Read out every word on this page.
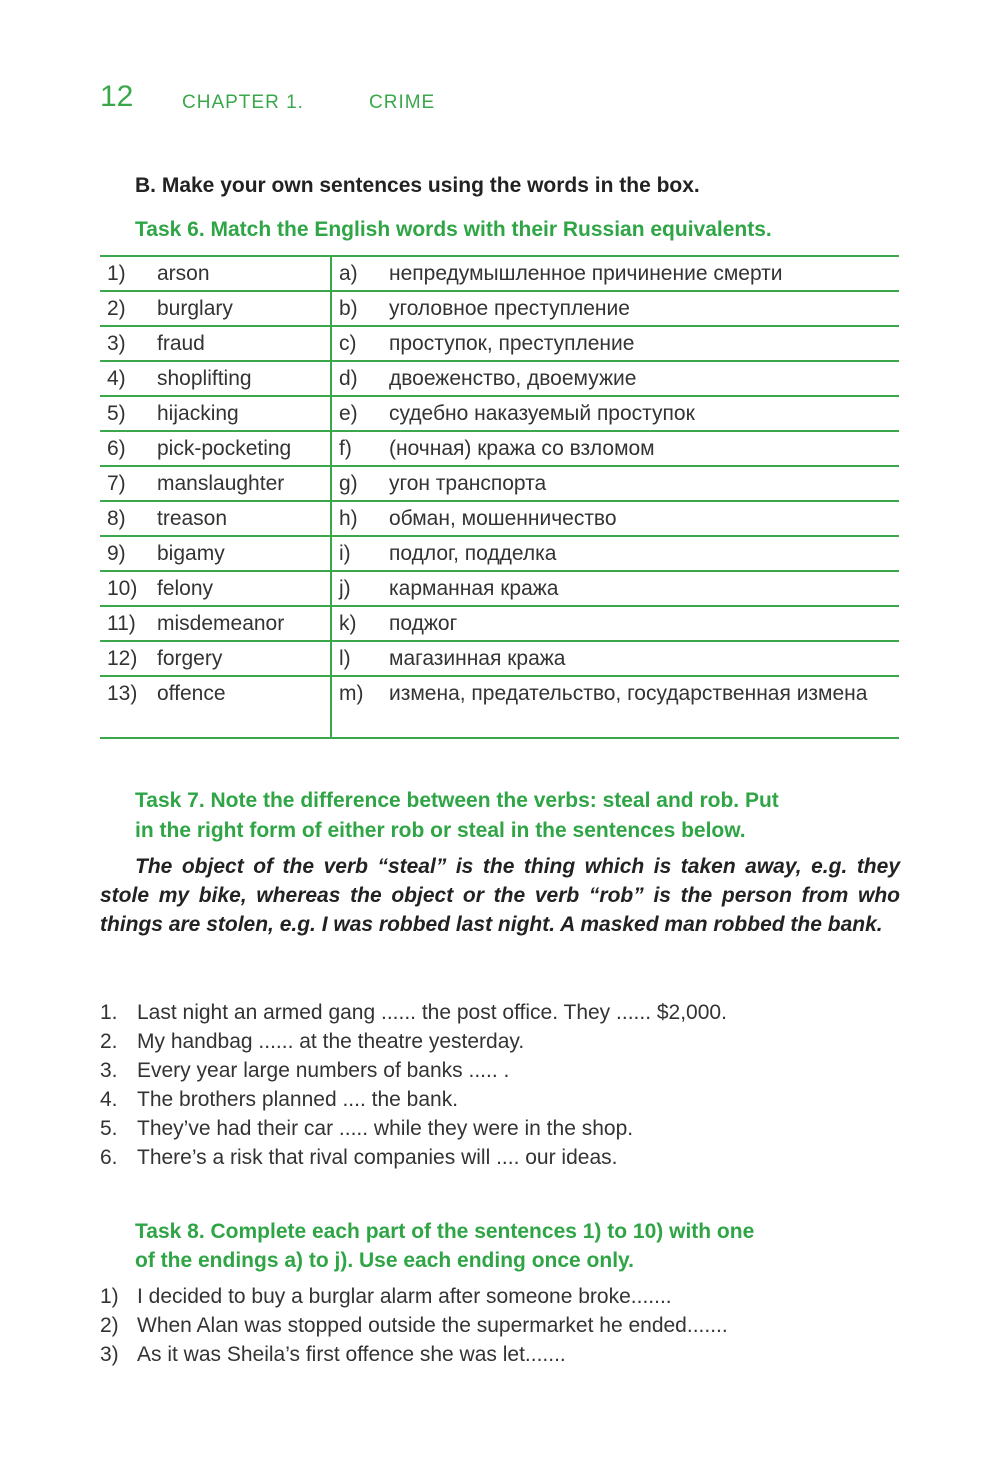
12	CHAPTER 1.	CRIME
B. Make your own sentences using the words in the box.
Task 6. Match the English words with their Russian equivalents.
1) arson	a) непредумышленное причинение смерти
2) burglary	b) уголовное преступление
3) fraud	c) проступок, преступление
4) shoplifting	d) двоеженство, двоемужие
5) hijacking	e) судебно наказуемый проступок
6) pick-pocketing	f) (ночная) кража со взломом
7) manslaughter	g) угон транспорта
8) treason	h) обман, мошенничество
9) bigamy	i) подлог, подделка
10) felony	j) карманная кража
11) misdemeanor	k) поджог
12) forgery	l) магазинная кража
13) offence	m) измена, предательство, государственная измена
Task 7. Note the difference between the verbs: steal and rob. Put
in the right form of either rob or steal in the sentences below.
The object of the verb “steal” is the thing which is taken away, e.g. they stole my bike, whereas the object or the verb “rob” is the person from who things are stolen, e.g. I was robbed last night. A masked man robbed the bank.
1. Last night an armed gang ...... the post office. They ...... $2,000.
2. My handbag ...... at the theatre yesterday.
3. Every year large numbers of banks ..... .
4. The brothers planned .... the bank.
5. They’ve had their car ..... while they were in the shop.
6. There’s a risk that rival companies will .... our ideas.
Task 8. Complete each part of the sentences 1) to 10) with one
of the endings a) to j). Use each ending once only.
1) I decided to buy a burglar alarm after someone broke.......
2) When Alan was stopped outside the supermarket he ended.......
3) As it was Sheila’s first offence she was let.......
